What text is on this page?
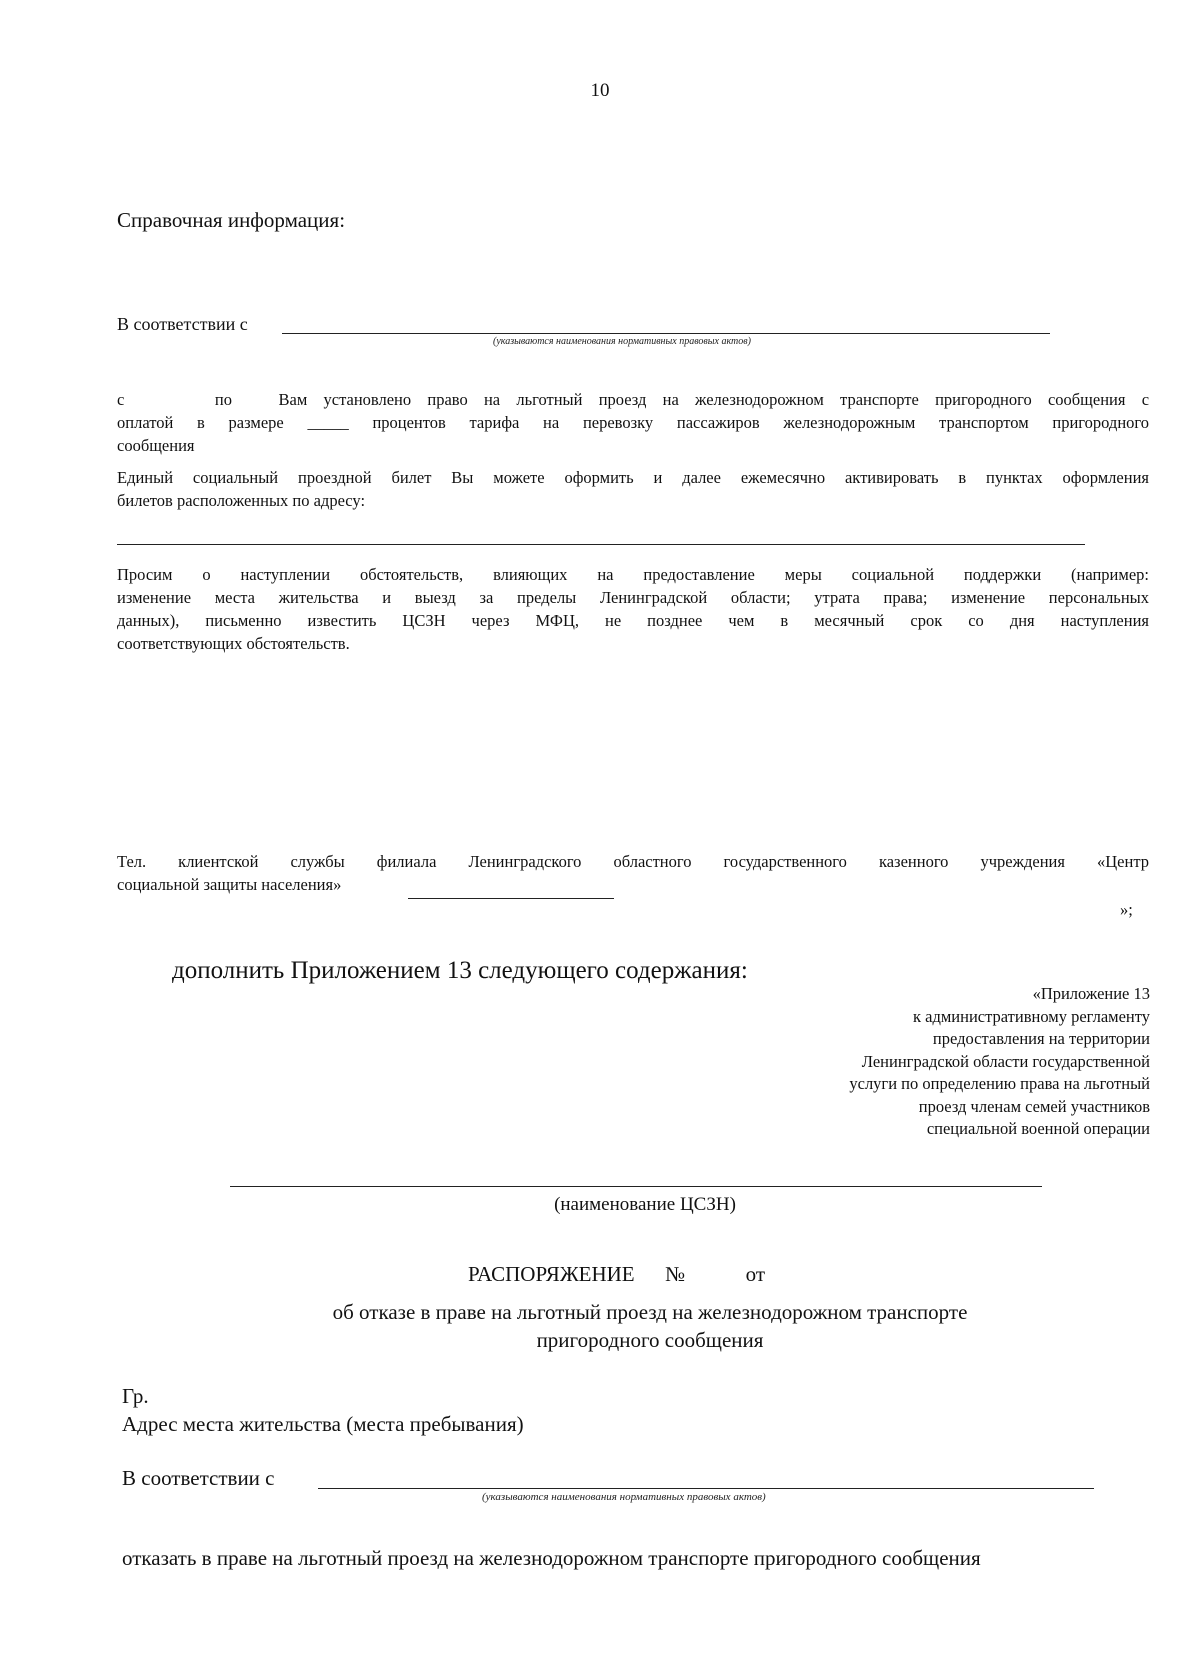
10
Справочная информация:
В соответствии с
(указываются наименования нормативных правовых актов)
с	по	Вам установлено право на льготный проезд на железнодорожном транспорте пригородного сообщения с
оплатой в размере _____ процентов тарифа на перевозку пассажиров железнодорожным транспортом пригородного
сообщения
Единый социальный проездной билет Вы можете оформить и далее ежемесячно активировать в пунктах оформления
билетов расположенных по адресу:
Просим о наступлении обстоятельств, влияющих на предоставление меры социальной поддержки (например:
изменение места жительства и выезд за пределы Ленинградской области; утрата права; изменение персональных
данных), письменно известить ЦСЗН через МФЦ, не позднее чем в месячный срок со дня наступления
соответствующих обстоятельств.
Тел. клиентской службы филиала Ленинградского областного государственного казенного учреждения «Центр
социальной защиты населения»
»;
дополнить Приложением 13 следующего содержания:
«Приложение 13
к административному регламенту
предоставления на территории
Ленинградской области государственной
услуги по определению права на льготный
проезд членам семей участников
специальной военной операции
(наименование ЦСЗН)
РАСПОРЯЖЕНИЕ №	от
об отказе в праве на льготный проезд на железнодорожном транспорте
пригородного сообщения
Гр.
Адрес места жительства (места пребывания)
В соответствии с
(указываются наименования нормативных правовых актов)
отказать в праве на льготный проезд на железнодорожном транспорте пригородного сообщения
